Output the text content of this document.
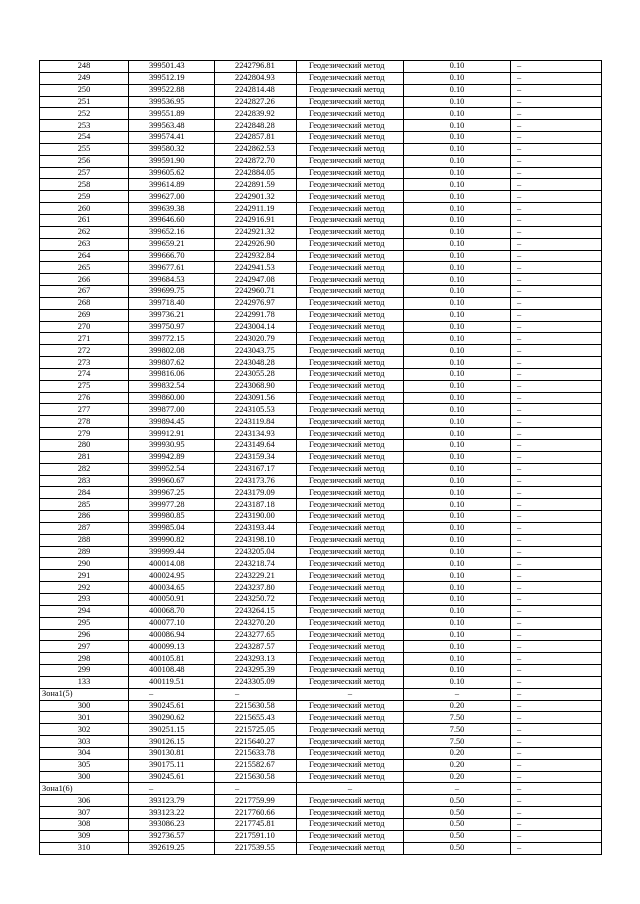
248	399501.43	2242796.81	Геодезический метод	0.10	–
249	399512.19	2242804.93	Геодезический метод	0.10	–
250	399522.88	2242814.48	Геодезический метод	0.10	–
251	399536.95	2242827.26	Геодезический метод	0.10	–
252	399551.89	2242839.92	Геодезический метод	0.10	–
253	399563.48	2242848.28	Геодезический метод	0.10	–
254	399574.41	2242857.81	Геодезический метод	0.10	–
255	399580.32	2242862.53	Геодезический метод	0.10	–
256	399591.90	2242872.70	Геодезический метод	0.10	–
257	399605.62	2242884.05	Геодезический метод	0.10	–
258	399614.89	2242891.59	Геодезический метод	0.10	–
259	399627.00	2242901.32	Геодезический метод	0.10	–
260	399639.38	2242911.19	Геодезический метод	0.10	–
261	399646.60	2242916.91	Геодезический метод	0.10	–
262	399652.16	2242921.32	Геодезический метод	0.10	–
263	399659.21	2242926.90	Геодезический метод	0.10	–
264	399666.70	2242932.84	Геодезический метод	0.10	–
265	399677.61	2242941.53	Геодезический метод	0.10	–
266	399684.53	2242947.08	Геодезический метод	0.10	–
267	399699.75	2242960.71	Геодезический метод	0.10	–
268	399718.40	2242976.97	Геодезический метод	0.10	–
269	399736.21	2242991.78	Геодезический метод	0.10	–
270	399750.97	2243004.14	Геодезический метод	0.10	–
271	399772.15	2243020.79	Геодезический метод	0.10	–
272	399802.08	2243043.75	Геодезический метод	0.10	–
273	399807.62	2243048.28	Геодезический метод	0.10	–
274	399816.06	2243055.28	Геодезический метод	0.10	–
275	399832.54	2243068.90	Геодезический метод	0.10	–
276	399860.00	2243091.56	Геодезический метод	0.10	–
277	399877.00	2243105.53	Геодезический метод	0.10	–
278	399894.45	2243119.84	Геодезический метод	0.10	–
279	399912.91	2243134.93	Геодезический метод	0.10	–
280	399930.95	2243149.64	Геодезический метод	0.10	–
281	399942.89	2243159.34	Геодезический метод	0.10	–
282	399952.54	2243167.17	Геодезический метод	0.10	–
283	399960.67	2243173.76	Геодезический метод	0.10	–
284	399967.25	2243179.09	Геодезический метод	0.10	–
285	399977.28	2243187.18	Геодезический метод	0.10	–
286	399980.85	2243190.00	Геодезический метод	0.10	–
287	399985.04	2243193.44	Геодезический метод	0.10	–
288	399990.82	2243198.10	Геодезический метод	0.10	–
289	399999.44	2243205.04	Геодезический метод	0.10	–
290	400014.08	2243218.74	Геодезический метод	0.10	–
291	400024.95	2243229.21	Геодезический метод	0.10	–
292	400034.65	2243237.80	Геодезический метод	0.10	–
293	400050.91	2243250.72	Геодезический метод	0.10	–
294	400068.70	2243264.15	Геодезический метод	0.10	–
295	400077.10	2243270.20	Геодезический метод	0.10	–
296	400086.94	2243277.65	Геодезический метод	0.10	–
297	400099.13	2243287.57	Геодезический метод	0.10	–
298	400105.81	2243293.13	Геодезический метод	0.10	–
299	400108.48	2243295.39	Геодезический метод	0.10	–
133	400119.51	2243305.09	Геодезический метод	0.10	–
Зона1(5)	–	–	–	–	–
300	390245.61	2215630.58	Геодезический метод	0.20	–
301	390290.62	2215655.43	Геодезический метод	7.50	–
302	390251.15	2215725.05	Геодезический метод	7.50	–
303	390126.15	2215640.27	Геодезический метод	7.50	–
304	390130.81	2215633.78	Геодезический метод	0.20	–
305	390175.11	2215582.67	Геодезический метод	0.20	–
300	390245.61	2215630.58	Геодезический метод	0.20	–
Зона1(6)	–	–	–	–	–
306	393123.79	2217759.99	Геодезический метод	0.50	–
307	393123.22	2217760.66	Геодезический метод	0.50	–
308	393086.23	2217745.81	Геодезический метод	0.50	–
309	392736.57	2217591.10	Геодезический метод	0.50	–
310	392619.25	2217539.55	Геодезический метод	0.50	–
